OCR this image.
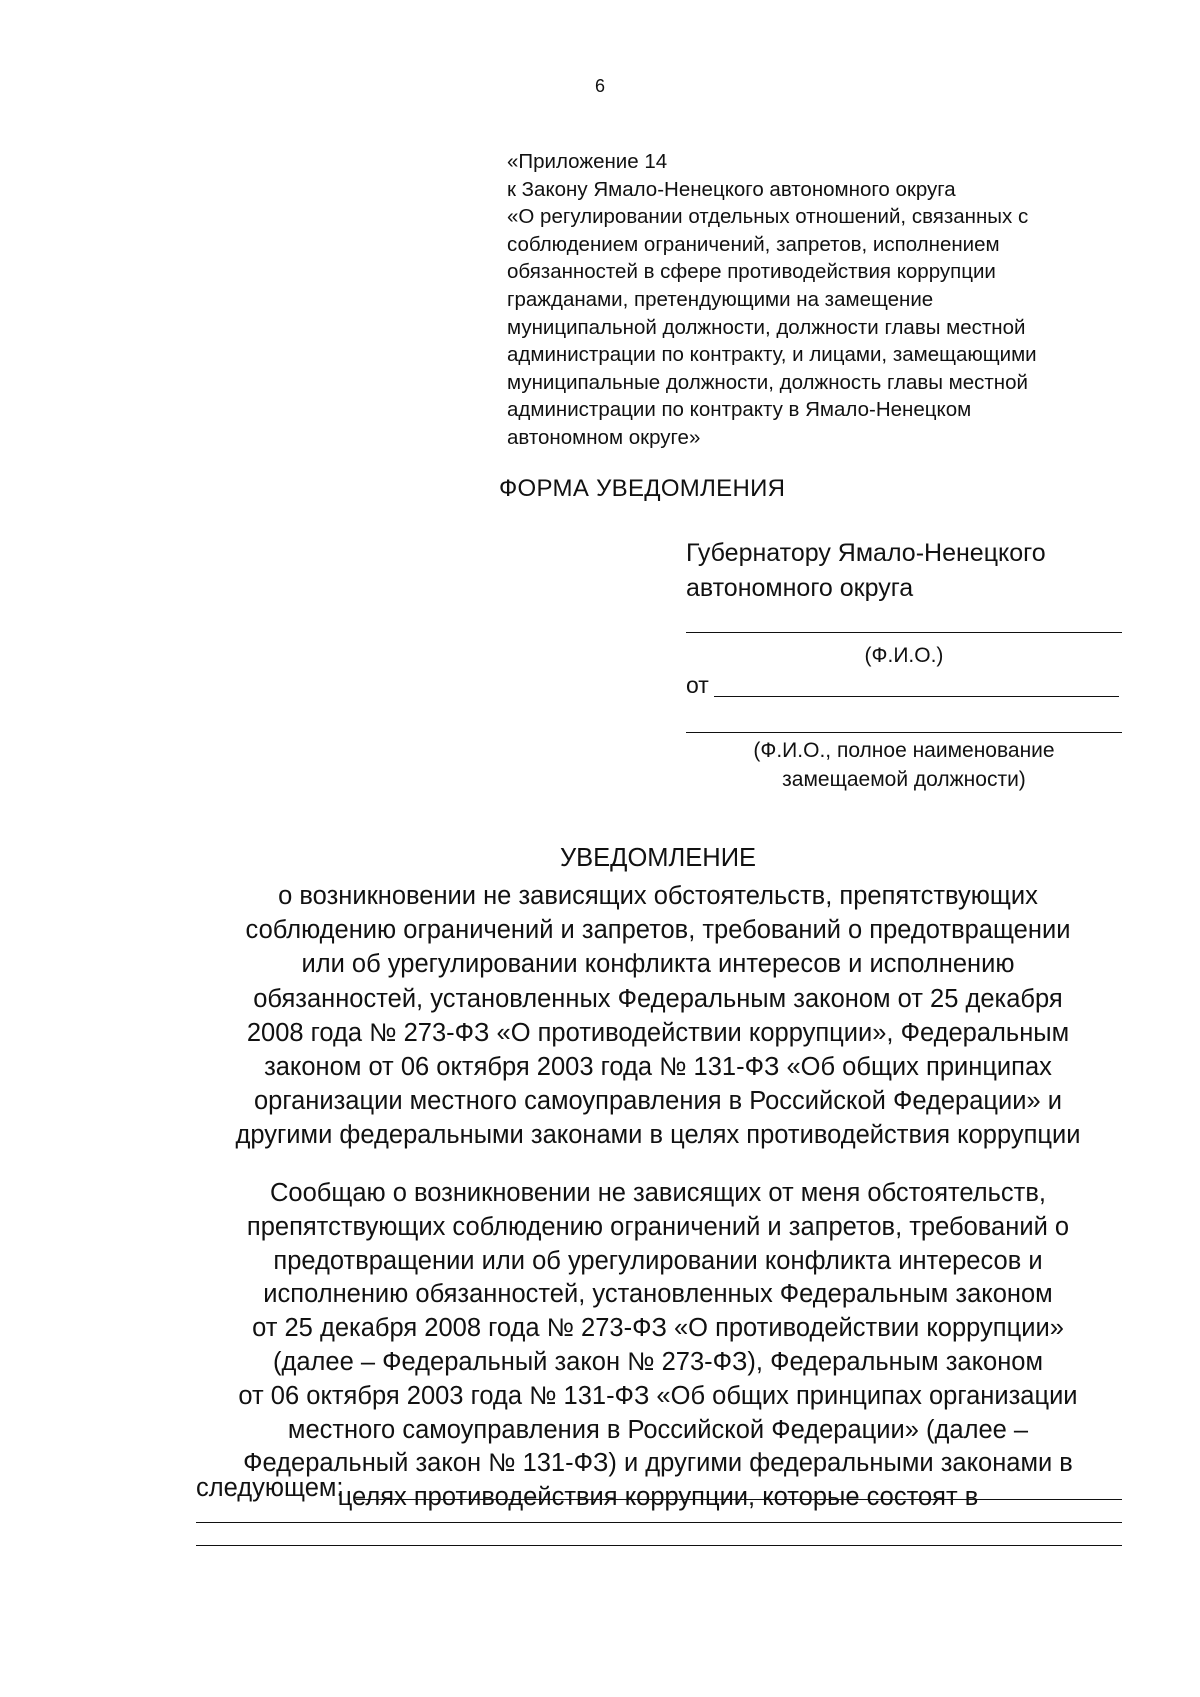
6
«Приложение 14
к Закону Ямало-Ненецкого автономного округа
«О регулировании отдельных отношений, связанных с
соблюдением ограничений, запретов, исполнением
обязанностей в сфере противодействия коррупции
гражданами, претендующими на замещение
муниципальной должности, должности главы местной
администрации по контракту, и лицами, замещающими
муниципальные должности, должность главы местной
администрации по контракту в Ямало-Ненецком
автономном округе»
ФОРМА УВЕДОМЛЕНИЯ
Губернатору Ямало-Ненецкого
автономного округа
(Ф.И.О.)
от
(Ф.И.О., полное наименование
замещаемой должности)
УВЕДОМЛЕНИЕ
о возникновении не зависящих обстоятельств, препятствующих
соблюдению ограничений и запретов, требований о предотвращении
или об урегулировании конфликта интересов и исполнению
обязанностей, установленных Федеральным законом от 25 декабря
2008 года № 273-ФЗ «О противодействии коррупции», Федеральным
законом от 06 октября 2003 года № 131-ФЗ «Об общих принципах
организации местного самоуправления в Российской Федерации» и
другими федеральными законами в целях противодействия коррупции
Сообщаю о возникновении не зависящих от меня обстоятельств,
препятствующих соблюдению ограничений и запретов, требований о
предотвращении или об урегулировании конфликта интересов и
исполнению обязанностей, установленных Федеральным законом
от 25 декабря 2008 года № 273-ФЗ «О противодействии коррупции»
(далее – Федеральный закон № 273-ФЗ), Федеральным законом
от 06 октября 2003 года № 131-ФЗ «Об общих принципах организации
местного самоуправления в Российской Федерации» (далее –
Федеральный закон № 131-ФЗ) и другими федеральными законами в
целях противодействия коррупции, которые состоят в
следующем:
